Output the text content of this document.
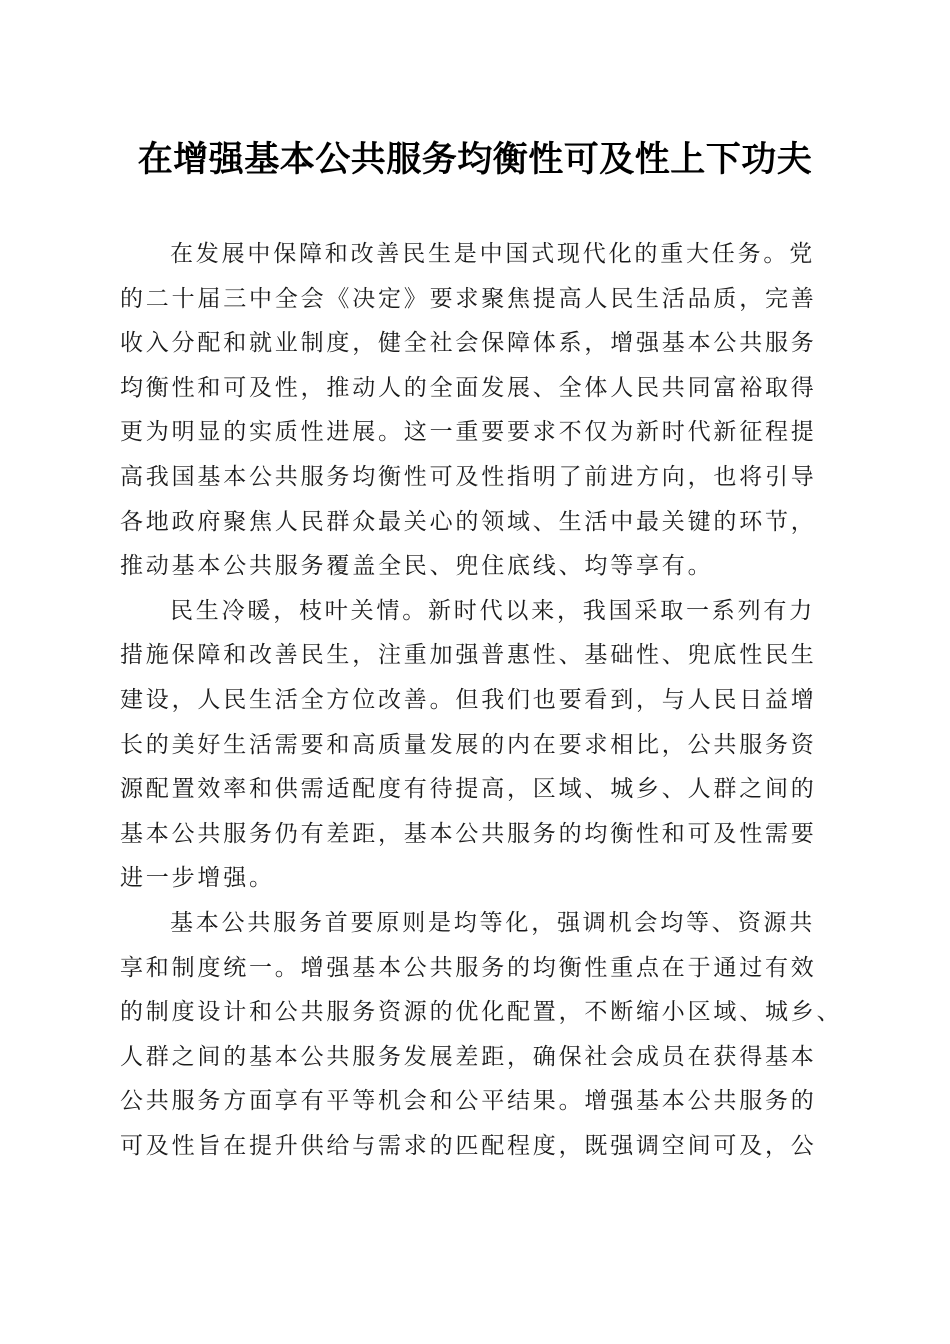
在增强基本公共服务均衡性可及性上下功夫
在发展中保障和改善民生是中国式现代化的重大任务。党
的二十届三中全会《决定》要求聚焦提高人民生活品质，完善
收入分配和就业制度，健全社会保障体系，增强基本公共服务
均衡性和可及性，推动人的全面发展、全体人民共同富裕取得
更为明显的实质性进展。这一重要要求不仅为新时代新征程提
高我国基本公共服务均衡性可及性指明了前进方向，也将引导
各地政府聚焦人民群众最关心的领域、生活中最关键的环节，
推动基本公共服务覆盖全民、兜住底线、均等享有。
民生冷暖，枝叶关情。新时代以来，我国采取一系列有力
措施保障和改善民生，注重加强普惠性、基础性、兜底性民生
建设，人民生活全方位改善。但我们也要看到，与人民日益增
长的美好生活需要和高质量发展的内在要求相比，公共服务资
源配置效率和供需适配度有待提高，区域、城乡、人群之间的
基本公共服务仍有差距，基本公共服务的均衡性和可及性需要
进一步增强。
基本公共服务首要原则是均等化，强调机会均等、资源共
享和制度统一。增强基本公共服务的均衡性重点在于通过有效
的制度设计和公共服务资源的优化配置，不断缩小区域、城乡、
人群之间的基本公共服务发展差距，确保社会成员在获得基本
公共服务方面享有平等机会和公平结果。增强基本公共服务的
可及性旨在提升供给与需求的匹配程度，既强调空间可及，公
